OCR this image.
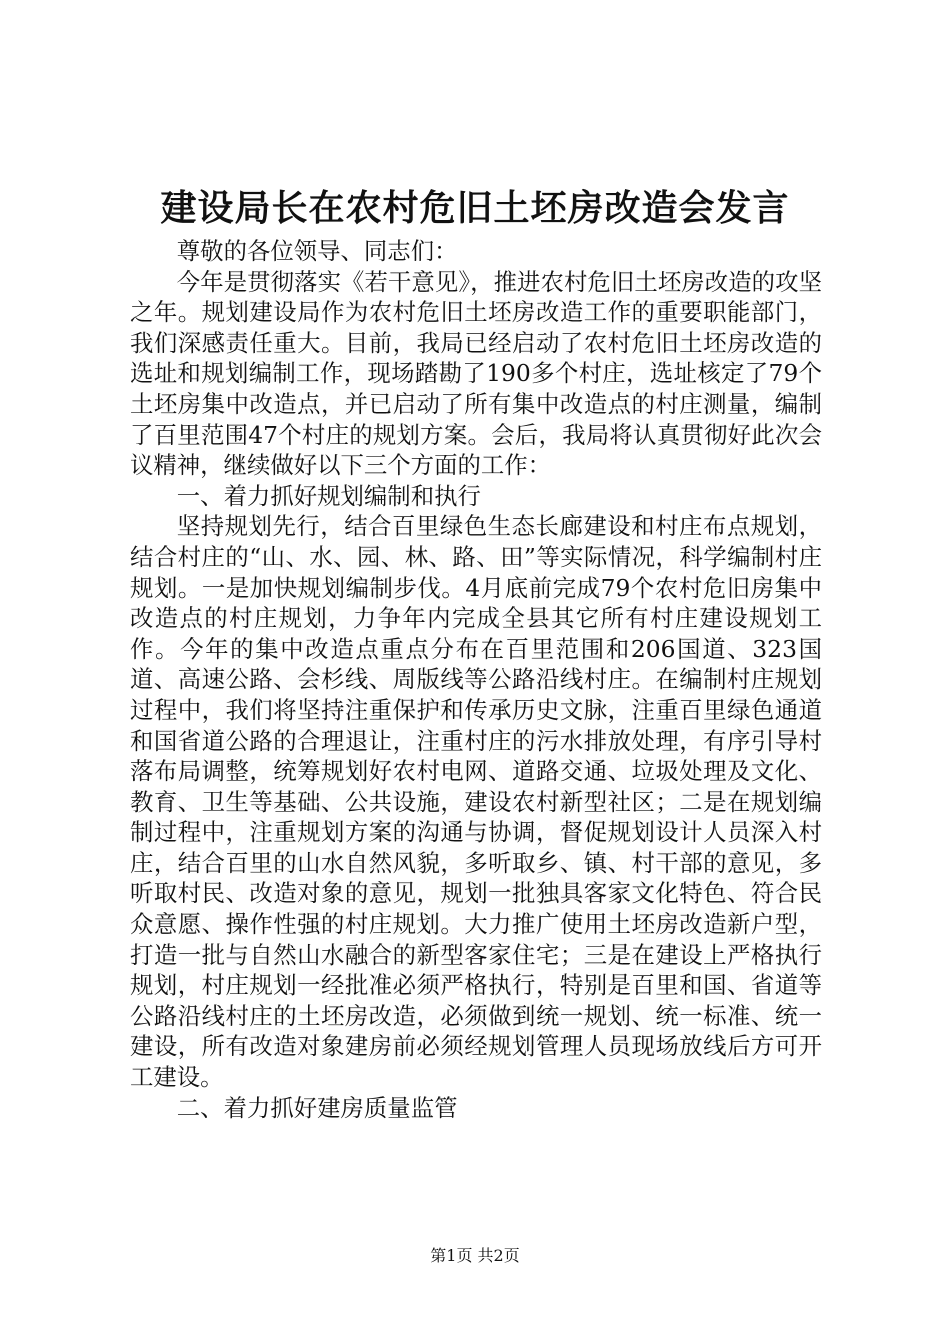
建设局长在农村危旧土坯房改造会发言

尊敬的各位领导、同志们：

今年是贯彻落实《若干意见》，推进农村危旧土坯房改造的攻坚之年。规划建设局作为农村危旧土坯房改造工作的重要职能部门，我们深感责任重大。目前，我局已经启动了农村危旧土坯房改造的选址和规划编制工作，现场踏勘了190多个村庄，选址核定了79个土坯房集中改造点，并已启动了所有集中改造点的村庄测量，编制了百里范围47个村庄的规划方案。会后，我局将认真贯彻好此次会议精神，继续做好以下三个方面的工作：

一、着力抓好规划编制和执行

坚持规划先行，结合百里绿色生态长廊建设和村庄布点规划，结合村庄的“山、水、园、林、路、田”等实际情况，科学编制村庄规划。一是加快规划编制步伐。4月底前完成79个农村危旧房集中改造点的村庄规划，力争年内完成全县其它所有村庄建设规划工作。今年的集中改造点重点分布在百里范围和206国道、323国道、高速公路、会杉线、周版线等公路沿线村庄。在编制村庄规划过程中，我们将坚持注重保护和传承历史文脉，注重百里绿色通道和国省道公路的合理退让，注重村庄的污水排放处理，有序引导村落布局调整，统筹规划好农村电网、道路交通、垃圾处理及文化、教育、卫生等基础、公共设施，建设农村新型社区；二是在规划编制过程中，注重规划方案的沟通与协调，督促规划设计人员深入村庄，结合百里的山水自然风貌，多听取乡、镇、村干部的意见，多听取村民、改造对象的意见，规划一批独具客家文化特色、符合民众意愿、操作性强的村庄规划。大力推广使用土坯房改造新户型，打造一批与自然山水融合的新型客家住宅；三是在建设上严格执行规划，村庄规划一经批准必须严格执行，特别是百里和国、省道等公路沿线村庄的土坯房改造，必须做到统一规划、统一标准、统一建设，所有改造对象建房前必须经规划管理人员现场放线后方可开工建设。

二、着力抓好建房质量监管

第1页 共2页
